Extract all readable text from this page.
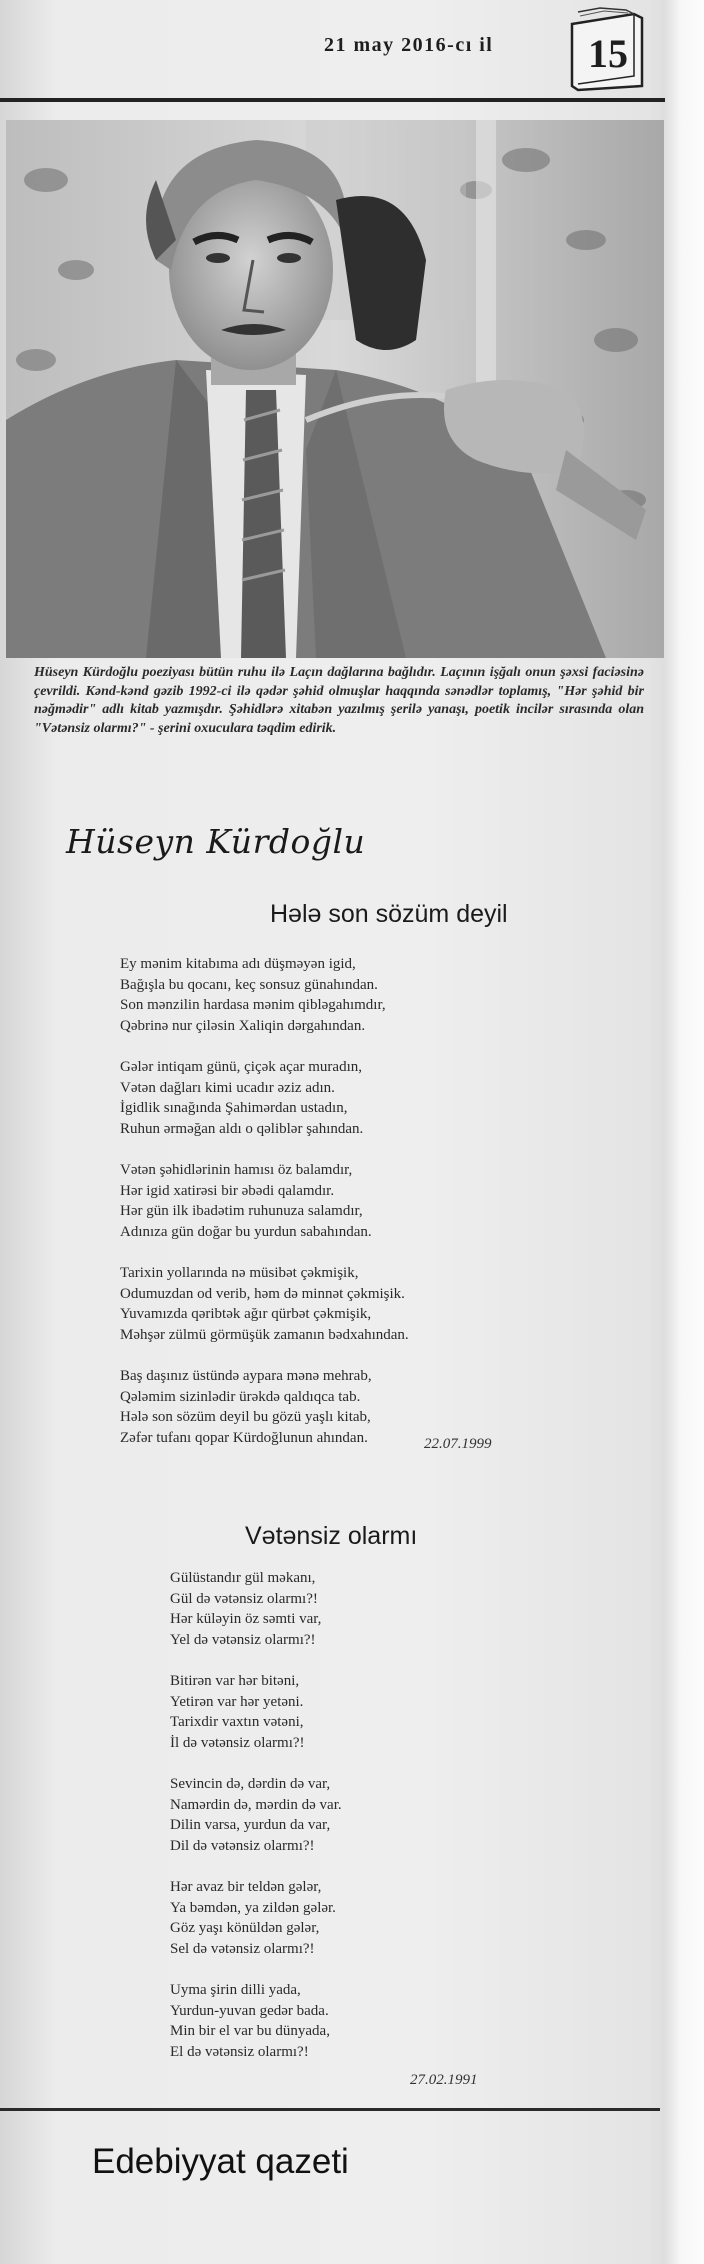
21 may 2016-cı il	15
Hüseyn Kürdoğlu poeziyası bütün ruhu ilə Laçın dağlarına bağlıdır. Laçının işğalı onun şəxsi faciəsinə çevrildi. Kənd-kənd gəzib 1992-ci ilə qədər şəhid olmuşlar haqqında sənədlər toplamış, "Hər şəhid bir nəğmədir" adlı kitab yazmışdır. Şəhidlərə xitabən yazılmış şerilə yanaşı, poetik incilər sırasında olan "Vətənsiz olarmı?" - şerini oxuculara təqdim edirik.
Hüseyn Kürdoğlu
Hələ son sözüm deyil
Ey mənim kitabıma adı düşməyən igid,
Bağışla bu qocanı, keç sonsuz günahından.
Son mənzilin hardasa mənim qibləgahımdır,
Qəbrinə nur çiləsin Xaliqin dərgahından.
Gələr intiqam günü, çiçək açar muradın,
Vətən dağları kimi ucadır əziz adın.
İgidlik sınağında Şahimərdan ustadın,
Ruhun ərməğan aldı o qəliblər şahından.
Vətən şəhidlərinin hamısı öz balamdır,
Hər igid xatirəsi bir əbədi qalamdır.
Hər gün ilk ibadətim ruhunuza salamdır,
Adınıza gün doğar bu yurdun sabahından.
Tarixin yollarında nə müsibət çəkmişik,
Odumuzdan od verib, həm də minnət çəkmişik.
Yuvamızda qəribtək ağır qürbət çəkmişik,
Məhşər zülmü görmüşük zamanın bədxahından.
Baş daşınız üstündə aypara mənə mehrab,
Qələmim sizinlədir ürəkdə qaldıqca tab.
Hələ son sözüm deyil bu gözü yaşlı kitab,
Zəfər tufanı qopar Kürdoğlunun ahından.	22.07.1999
Vətənsiz olarmı
Gülüstandır gül məkanı,
Gül də vətənsiz olarmı?!
Hər küləyin öz səmti var,
Yel də vətənsiz olarmı?!
Bitirən var hər bitəni,
Yetirən var hər yetəni.
Tarixdir vaxtın vətəni,
İl də vətənsiz olarmı?!
Sevincin də, dərdin də var,
Namərdin də, mərdin də var.
Dilin varsa, yurdun da var,
Dil də vətənsiz olarmı?!
Hər avaz bir teldən gələr,
Ya bəmdən, ya zildən gələr.
Göz yaşı könüldən gələr,
Sel də vətənsiz olarmı?!
Uyma şirin dilli yada,
Yurdun-yuvan gedər bada.
Min bir el var bu dünyada,
El də vətənsiz olarmı?!
27.02.1991
Edebiyyat qazeti
